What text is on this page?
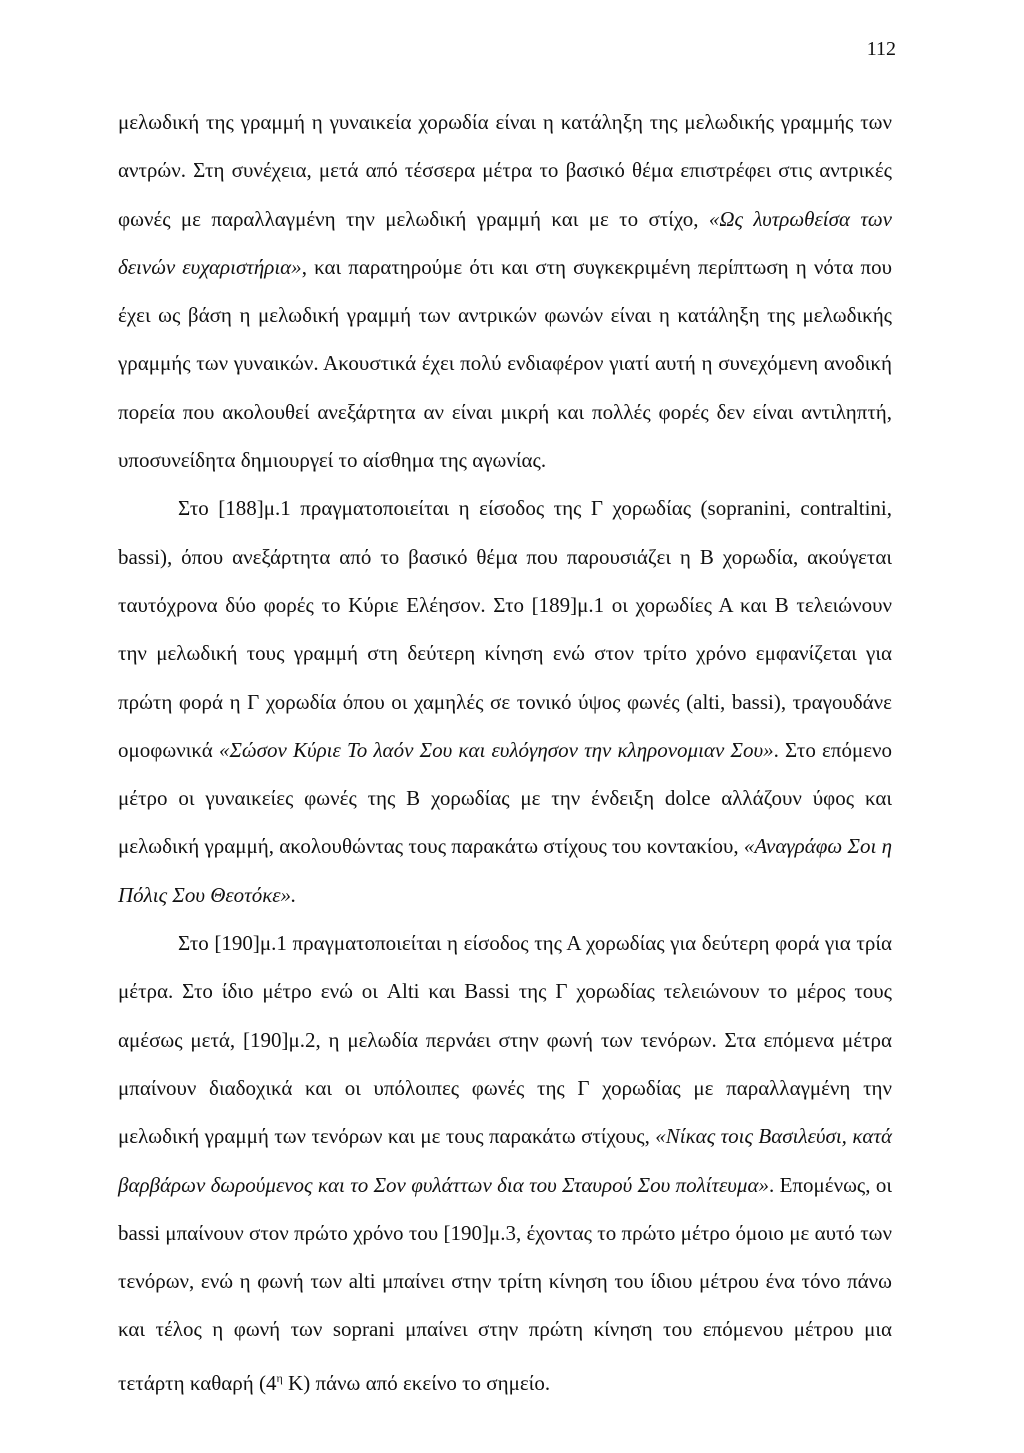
112

μελωδική της γραμμή η γυναικεία χορωδία είναι η κατάληξη της μελωδικής γραμμής των αντρών. Στη συνέχεια, μετά από τέσσερα μέτρα το βασικό θέμα επιστρέφει στις αντρικές φωνές με παραλλαγμένη την μελωδική γραμμή και με το στίχο, «Ως λυτρωθείσα των δεινών ευχαριστήρια», και παρατηρούμε ότι και στη συγκεκριμένη περίπτωση η νότα που έχει ως βάση η μελωδική γραμμή των αντρικών φωνών είναι η κατάληξη της μελωδικής γραμμής των γυναικών. Ακουστικά έχει πολύ ενδιαφέρον γιατί αυτή η συνεχόμενη ανοδική πορεία που ακολουθεί ανεξάρτητα αν είναι μικρή και πολλές φορές δεν είναι αντιληπτή, υποσυνείδητα δημιουργεί το αίσθημα της αγωνίας.

Στο [188]μ.1 πραγματοποιείται η είσοδος της Γ χορωδίας (sopranini, contraltini, bassi), όπου ανεξάρτητα από το βασικό θέμα που παρουσιάζει η Β χορωδία, ακούγεται ταυτόχρονα δύο φορές το Κύριε Ελέησον. Στο [189]μ.1 οι χορωδίες Α και Β τελειώνουν την μελωδική τους γραμμή στη δεύτερη κίνηση ενώ στον τρίτο χρόνο εμφανίζεται για πρώτη φορά η Γ χορωδία όπου οι χαμηλές σε τονικό ύψος φωνές (alti, bassi), τραγουδάνε ομοφωνικά «Σώσον Κύριε Το λαόν Σου και ευλόγησον την κληρονομιαν Σου». Στο επόμενο μέτρο οι γυναικείες φωνές της Β χορωδίας με την ένδειξη dolce αλλάζουν ύφος και μελωδική γραμμή, ακολουθώντας τους παρακάτω στίχους του κοντακίου, «Αναγράφω Σοι η Πόλις Σου Θεοτόκε».

Στο [190]μ.1 πραγματοποιείται η είσοδος της Α χορωδίας για δεύτερη φορά για τρία μέτρα. Στο ίδιο μέτρο ενώ οι Alti και Bassi της Γ χορωδίας τελειώνουν το μέρος τους αμέσως μετά, [190]μ.2, η μελωδία περνάει στην φωνή των τενόρων. Στα επόμενα μέτρα μπαίνουν διαδοχικά και οι υπόλοιπες φωνές της Γ χορωδίας με παραλλαγμένη την μελωδική γραμμή των τενόρων και με τους παρακάτω στίχους, «Νίκας τοις Βασιλεύσι, κατά βαρβάρων δωρούμενος και το Σον φυλάττων δια του Σταυρού Σου πολίτευμα». Επομένως, οι bassi μπαίνουν στον πρώτο χρόνο του [190]μ.3, έχοντας το πρώτο μέτρο όμοιο με αυτό των τενόρων, ενώ η φωνή των alti μπαίνει στην τρίτη κίνηση του ίδιου μέτρου ένα τόνο πάνω και τέλος η φωνή των soprani μπαίνει στην πρώτη κίνηση του επόμενου μέτρου μια τετάρτη καθαρή ($4^\eta$ Κ) πάνω από εκείνο το σημείο.
